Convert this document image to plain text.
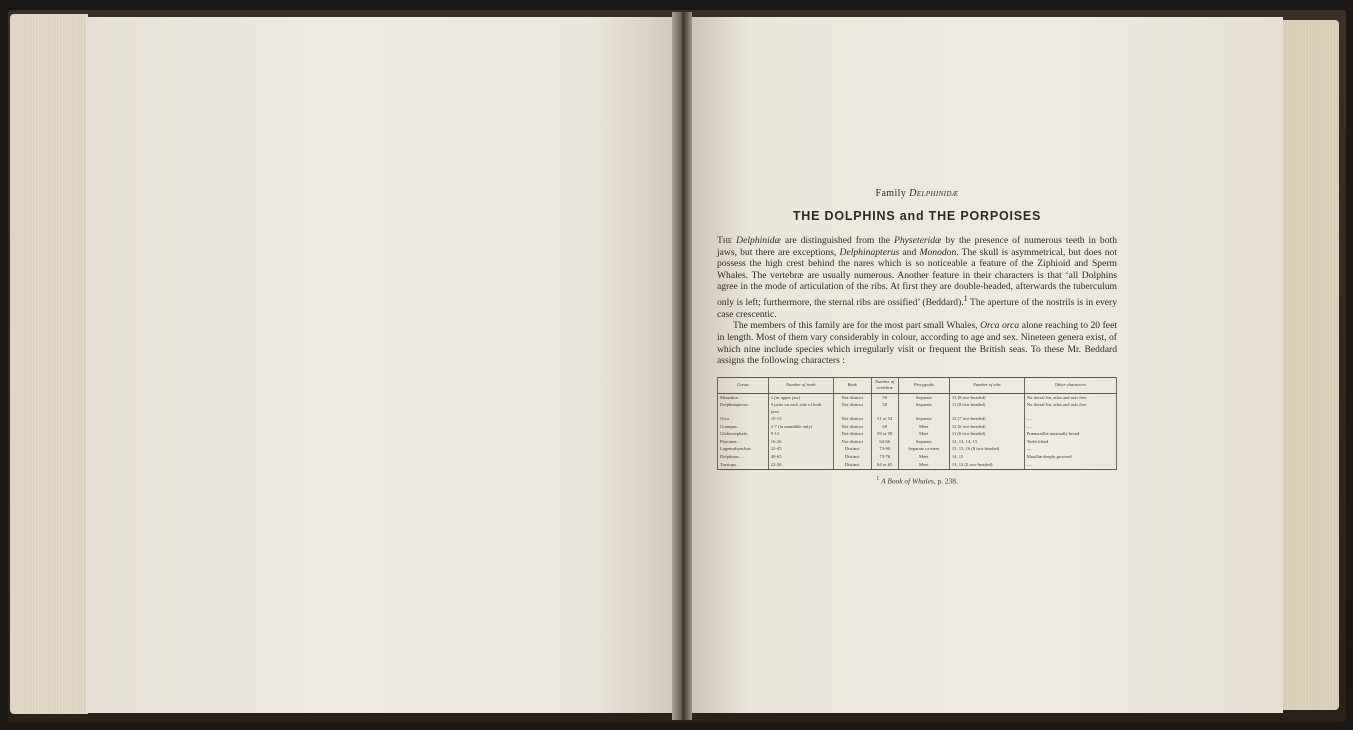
Family Delphinidæ

THE DOLPHINS and THE PORPOISES

The Delphinidæ are distinguished from the Physeteridæ by the presence of numerous teeth in both jaws, but there are exceptions, Delphinapterus and Monodon. The skull is asymmetrical, but does not possess the high crest behind the nares which is so noticeable a feature of the Ziphioid and Sperm Whales. The vertebræ are usually numerous. Another feature in their characters is that ‘all Dolphins agree in the mode of articulation of the ribs. At first they are double-headed, afterwards the tuberculum only is left; furthermore, the sternal ribs are ossified’ (Beddard).$^1$ The aperture of the nostrils is in every case crescentic.

The members of this family are for the most part small Whales, Orca orca alone reaching to 20 feet in length. Most of them vary considerably in colour, according to age and sex. Nineteen genera exist, of which nine include species which irregularly visit or frequent the British seas. To these Mr. Beddard assigns the following characters :

Genus	Number of teeth	Beak	Number of vertebræ	Pterygoids	Number of ribs	Other characters
Monodon . .	1 (in upper jaw)	Not distinct	50	Separate	12 (8 two-headed)	No dorsal fin; atlas and axis free
Delphinapterus .	9 pairs on each side of both jaws	Not distinct	50	Separate	11 (8 two-headed)	No dorsal fin; atlas and axis free
Orca . .	10-13	Not distinct	51 or 52	Separate	12 (7 two-headed)	—
Grampus .	2-7 (in mandible only)	Not distinct	68	Meet	12 (6 two-headed)	—
Globiocephala .	9-12	Not distinct	58 or 59	Meet	11 (6 two-headed)	Præmaxillæ unusually broad
Phocæna . .	16-26	Not distinct	64-66	Separate	12, 13, 14, 15	Teeth lobed
Lagenorhynchus	22-45	Distinct	73-90	Separate or meet	15, 15, 16 (8 two-headed)	—
Delphinus . .	40-65	Distinct	73-76	Meet	14, 15	Maxillæ deeply grooved
Tursiops . .	22-26	Distinct	64 or 65	Meet	13, 12 (5 two-headed)	—

$^1$ A Book of Whales, p. 238.
